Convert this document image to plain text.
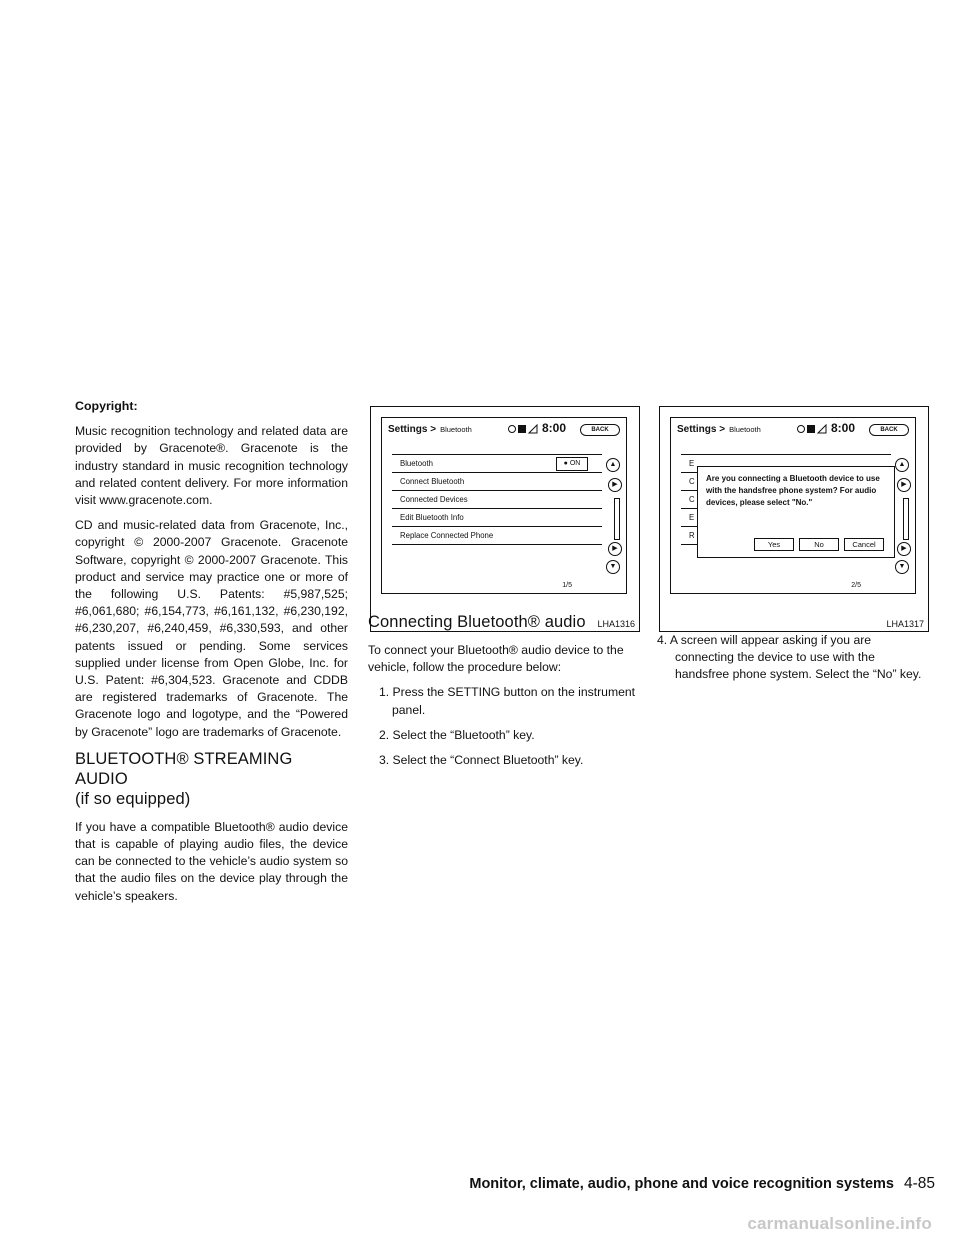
Copyright:

Music recognition technology and related data are provided by Gracenote®. Gracenote is the industry standard in music recognition technology and related content delivery. For more information visit www.gracenote.com.

CD and music-related data from Gracenote, Inc., copyright © 2000-2007 Gracenote. Gracenote Software, copyright © 2000-2007 Gracenote. This product and service may practice one or more of the following U.S. Patents: #5,987,525; #6,061,680; #6,154,773, #6,161,132, #6,230,192, #6,230,207, #6,240,459, #6,330,593, and other patents issued or pending. Some services supplied under license from Open Globe, Inc. for U.S. Patent: #6,304,523. Gracenote and CDDB are registered trademarks of Gracenote. The Gracenote logo and logotype, and the “Powered by Gracenote” logo are trademarks of Gracenote.

BLUETOOTH® STREAMING AUDIO
(if so equipped)

If you have a compatible Bluetooth® audio device that is capable of playing audio files, the device can be connected to the vehicle’s audio system so that the audio files on the device play through the vehicle’s speakers.

Settings > Bluetooth	8:00	BACK
Bluetooth	● ON
Connect Bluetooth
Connected Devices
Edit Bluetooth Info
Replace Connected Phone
▲
▶
▶
▼
1/5
LHA1316
Settings > Bluetooth	8:00	BACK
E
C
C
E
R
Are you connecting a Bluetooth device to use with the handsfree phone system? For audio devices, please select "No."
Yes	No	Cancel
▲
▶
▶
▼
2/5
LHA1317
Connecting Bluetooth® audio

To connect your Bluetooth® audio device to the vehicle, follow the procedure below:

1. Press the SETTING button on the instrument panel.
2. Select the “Bluetooth” key.
3. Select the “Connect Bluetooth” key.
4. A screen will appear asking if you are connecting the device to use with the handsfree phone system. Select the “No” key.
Monitor, climate, audio, phone and voice recognition systems 4-85
carmanualsonline.info
